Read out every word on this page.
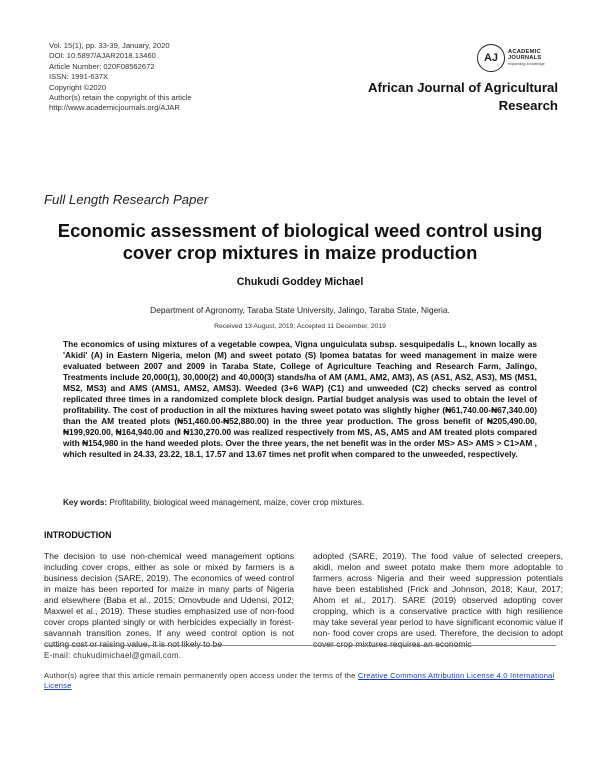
Vol. 15(1), pp. 33-39, January, 2020
DOI: 10.5897/AJAR2018.13460
Article Number: 020F08562672
ISSN: 1991-637X
Copyright ©2020
Author(s) retain the copyright of this article
http://www.academicjournals.org/AJAR
AJ	ACADEMIC
JOURNALS
expanding knowledge
African Journal of Agricultural
Research
Full Length Research Paper
Economic assessment of biological weed control using cover crop mixtures in maize production
Chukudi Goddey Michael
Department of Agronomy, Taraba State University, Jalingo, Taraba State, Nigeria.
Received 13 August, 2019; Accepted 11 December, 2019
The economics of using mixtures of a vegetable cowpea, Vigna unguiculata subsp. sesquipedalis L., known locally as 'Akidi' (A) in Eastern Nigeria, melon (M) and sweet potato (S) Ipomea batatas for weed management in maize were evaluated between 2007 and 2009 in Taraba State, College of Agriculture Teaching and Research Farm, Jalingo, Treatments include 20,000(1), 30,000(2) and 40,000(3) stands/ha of AM (AM1, AM2, AM3), AS (AS1, AS2, AS3), MS (MS1, MS2, MS3) and AMS (AMS1, AMS2, AMS3). Weeded (3+6 WAP) (C1) and unweeded (C2) checks served as control replicated three times in a randomized complete block design. Partial budget analysis was used to obtain the level of profitability. The cost of production in all the mixtures having sweet potato was slightly higher (₦61,740.00-₦67,340.00) than the AM treated plots (₦51,460.00-₦52,880.00) in the three year production. The gross benefit of ₦205,490.00, ₦199,920.00, ₦164,940.00 and ₦130,270.00 was realized respectively from MS, AS, AMS and AM treated plots compared with ₦154,980 in the hand weeded plots. Over the three years, the net benefit was in the order MS> AS> AMS > C1>AM , which resulted in 24.33, 23.22, 18.1, 17.57 and 13.67 times net profit when compared to the unweeded, respectively.
Key words: Profitability, biological weed management, maize, cover crop mixtures.
INTRODUCTION
The decision to use non-chemical weed management options including cover crops, either as sole or mixed by farmers is a business decision (SARE, 2019). The economics of weed control in maize has been reported for maize in many parts of Nigeria and elsewhere (Baba et al., 2015; Omovbude and Udensi, 2012; Maxwel et al., 2019). These studies emphasized use of non-food cover crops planted singly or with herbicides expecially in forest-savannah transition zones. If any weed control option is not cutting cost or raising value, it is not likely to be
adopted (SARE, 2019). The food value of selected creepers, akidi, melon and sweet potato make them more adoptable to farmers across Nigeria and their weed suppression potentials have been established (Frick and Johnson, 2018; Kaur, 2017; Ahom et al., 2017). SARE (2019) observed adopting cover cropping, which is a conservative practice with high resilience may take several year period to have significant economic value if non- food cover crops are used. Therefore, the decision to adopt cover crop mixtures requires an economic
E-mail: chukudimichael@gmail.com.
Author(s) agree that this article remain permanently open access under the terms of the Creative Commons Attribution License 4.0 International License
